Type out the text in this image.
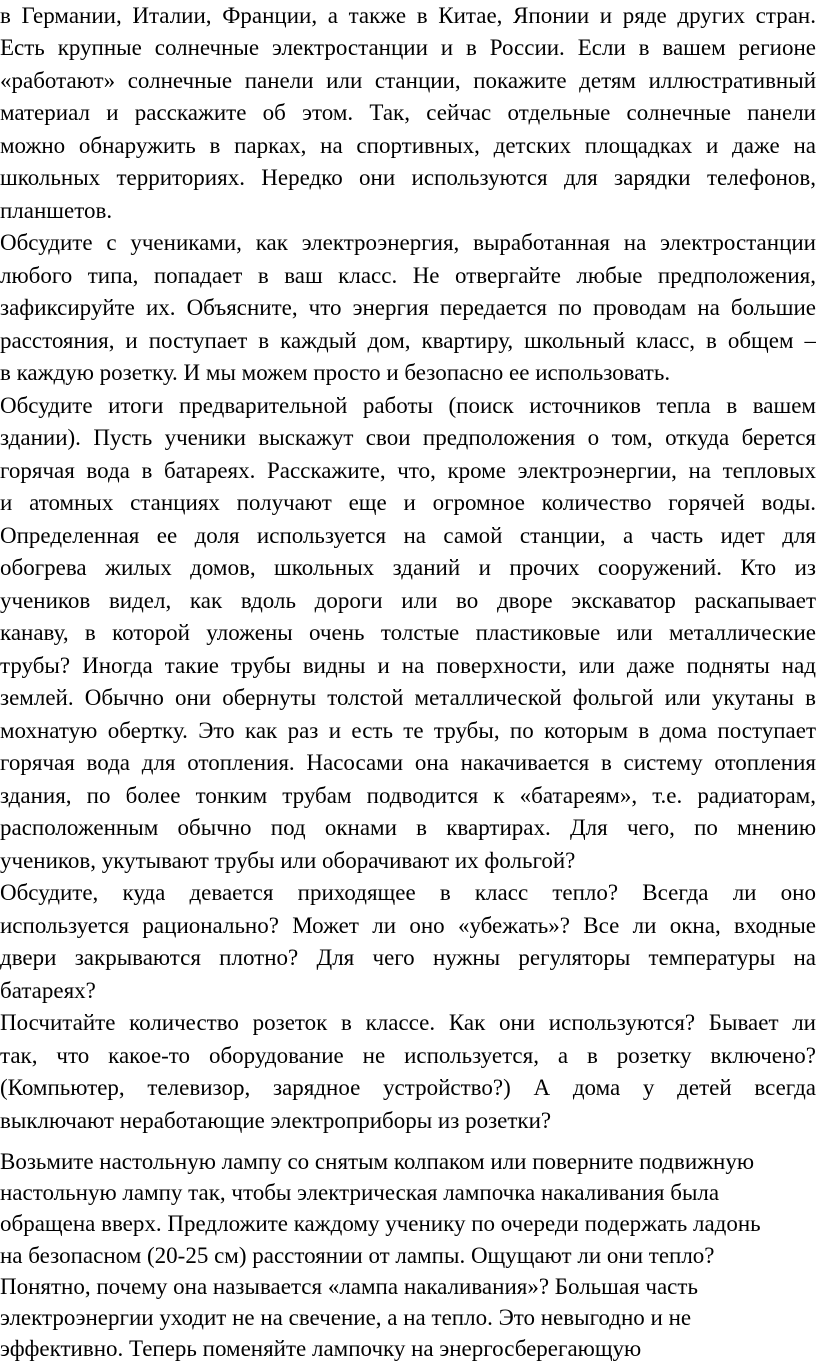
в Германии, Италии, Франции, а также в Китае, Японии и ряде других стран.
Есть крупные солнечные электростанции и в России. Если в вашем регионе
«работают» солнечные панели или станции, покажите детям иллюстративный
материал и расскажите об этом. Так, сейчас отдельные солнечные панели
можно обнаружить в парках, на спортивных, детских площадках и даже на
школьных территориях. Нередко они используются для зарядки телефонов,
планшетов.
Обсудите с учениками, как электроэнергия, выработанная на электростанции
любого типа, попадает в ваш класс. Не отвергайте любые предположения,
зафиксируйте их. Объясните, что энергия передается по проводам на большие
расстояния, и поступает в каждый дом, квартиру, школьный класс, в общем –
в каждую розетку. И мы можем просто и безопасно ее использовать.
Обсудите итоги предварительной работы (поиск источников тепла в вашем
здании). Пусть ученики выскажут свои предположения о том, откуда берется
горячая вода в батареях. Расскажите, что, кроме электроэнергии, на тепловых
и атомных станциях получают еще и огромное количество горячей воды.
Определенная ее доля используется на самой станции, а часть идет для
обогрева жилых домов, школьных зданий и прочих сооружений. Кто из
учеников видел, как вдоль дороги или во дворе экскаватор раскапывает
канаву, в которой уложены очень толстые пластиковые или металлические
трубы? Иногда такие трубы видны и на поверхности, или даже подняты над
землей. Обычно они обернуты толстой металлической фольгой или укутаны в
мохнатую обертку. Это как раз и есть те трубы, по которым в дома поступает
горячая вода для отопления. Насосами она накачивается в систему отопления
здания, по более тонким трубам подводится к «батареям», т.е. радиаторам,
расположенным обычно под окнами в квартирах. Для чего, по мнению
учеников, укутывают трубы или оборачивают их фольгой?
Обсудите, куда девается приходящее в класс тепло? Всегда ли оно
используется рационально? Может ли оно «убежать»? Все ли окна, входные
двери закрываются плотно? Для чего нужны регуляторы температуры на
батареях?
Посчитайте количество розеток в классе. Как они используются? Бывает ли
так, что какое-то оборудование не используется, а в розетку включено?
(Компьютер, телевизор, зарядное устройство?) А дома у детей всегда
выключают неработающие электроприборы из розетки?
Возьмите настольную лампу со снятым колпаком или поверните подвижную
настольную лампу так, чтобы электрическая лампочка накаливания была
обращена вверх. Предложите каждому ученику по очереди подержать ладонь
на безопасном (20-25 см) расстоянии от лампы. Ощущают ли они тепло?
Понятно, почему она называется «лампа накаливания»? Большая часть
электроэнергии уходит не на свечение, а на тепло. Это невыгодно и не
эффективно. Теперь поменяйте лампочку на энергосберегающую
